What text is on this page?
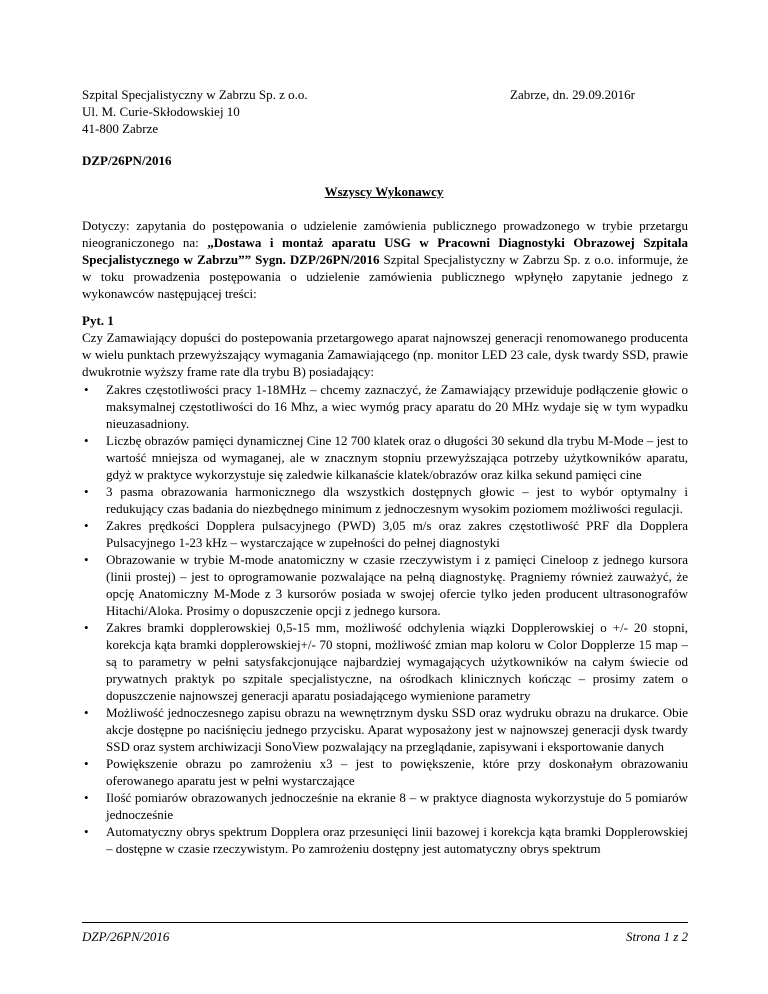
Szpital Specjalistyczny w Zabrzu Sp. z o.o.
Ul. M. Curie-Skłodowskiej 10
41-800 Zabrze
Zabrze, dn. 29.09.2016r
DZP/26PN/2016
Wszyscy Wykonawcy
Dotyczy: zapytania do postępowania o udzielenie zamówienia publicznego prowadzonego w trybie przetargu nieograniczonego na: „Dostawa i montaż aparatu USG w Pracowni Diagnostyki Obrazowej Szpitala Specjalistycznego w Zabrzu”” Sygn. DZP/26PN/2016 Szpital Specjalistyczny w Zabrzu Sp. z o.o. informuje, że w toku prowadzenia postępowania o udzielenie zamówienia publicznego wpłynęło zapytanie jednego z wykonawców następującej treści:
Pyt. 1
Czy Zamawiający dopuści do postepowania przetargowego aparat najnowszej generacji renomowanego producenta w wielu punktach przewyższający wymagania Zamawiającego (np. monitor LED 23 cale, dysk twardy SSD, prawie dwukrotnie wyższy frame rate dla trybu B) posiadający:
• Zakres częstotliwości pracy 1-18MHz – chcemy zaznaczyć, że Zamawiający przewiduje podłączenie głowic o maksymalnej częstotliwości do 16 Mhz, a wiec wymóg pracy aparatu do 20 MHz wydaje się w tym wypadku nieuzasadniony.
• Liczbę obrazów pamięci dynamicznej Cine 12 700 klatek oraz o długości 30 sekund dla trybu M-Mode – jest to wartość mniejsza od wymaganej, ale w znacznym stopniu przewyższająca potrzeby użytkowników aparatu, gdyż w praktyce wykorzystuje się zaledwie kilkanaście klatek/obrazów oraz kilka sekund pamięci cine
• 3 pasma obrazowania harmonicznego dla wszystkich dostępnych głowic – jest to wybór optymalny i redukujący czas badania do niezbędnego minimum z jednoczesnym wysokim poziomem możliwości regulacji.
• Zakres prędkości Dopplera pulsacyjnego (PWD) 3,05 m/s oraz zakres częstotliwość PRF dla Dopplera Pulsacyjnego 1-23 kHz – wystarczające w zupełności do pełnej diagnostyki
• Obrazowanie w trybie M-mode anatomiczny w czasie rzeczywistym i z pamięci Cineloop z jednego kursora (linii prostej) – jest to oprogramowanie pozwalające na pełną diagnostykę. Pragniemy również zauważyć, że opcję Anatomiczny M-Mode z 3 kursorów posiada w swojej ofercie tylko jeden producent ultrasonografów Hitachi/Aloka. Prosimy o dopuszczenie opcji z jednego kursora.
• Zakres bramki dopplerowskiej 0,5-15 mm, możliwość odchylenia wiązki Dopplerowskiej o +/- 20 stopni, korekcja kąta bramki dopplerowskiej+/- 70 stopni, możliwość zmian map koloru w Color Dopplerze 15 map – są to parametry w pełni satysfakcjonujące najbardziej wymagających użytkowników na całym świecie od prywatnych praktyk po szpitale specjalistyczne, na ośrodkach klinicznych kończąc – prosimy zatem o dopuszczenie najnowszej generacji aparatu posiadającego wymienione parametry
• Możliwość jednoczesnego zapisu obrazu na wewnętrznym dysku SSD oraz wydruku obrazu na drukarce. Obie akcje dostępne po naciśnięciu jednego przycisku. Aparat wyposażony jest w najnowszej generacji dysk twardy SSD oraz system archiwizacji SonoView pozwalający na przeglądanie, zapisywani i eksportowanie danych
• Powiększenie obrazu po zamrożeniu x3 – jest to powiększenie, które przy doskonałym obrazowaniu oferowanego aparatu jest w pełni wystarczające
• Ilość pomiarów obrazowanych jednocześnie na ekranie 8 – w praktyce diagnosta wykorzystuje do 5 pomiarów jednocześnie
• Automatyczny obrys spektrum Dopplera oraz przesunięci linii bazowej i korekcja kąta bramki Dopplerowskiej – dostępne w czasie rzeczywistym. Po zamrożeniu dostępny jest automatyczny obrys spektrum
DZP/26PN/2016	Strona 1 z 2
